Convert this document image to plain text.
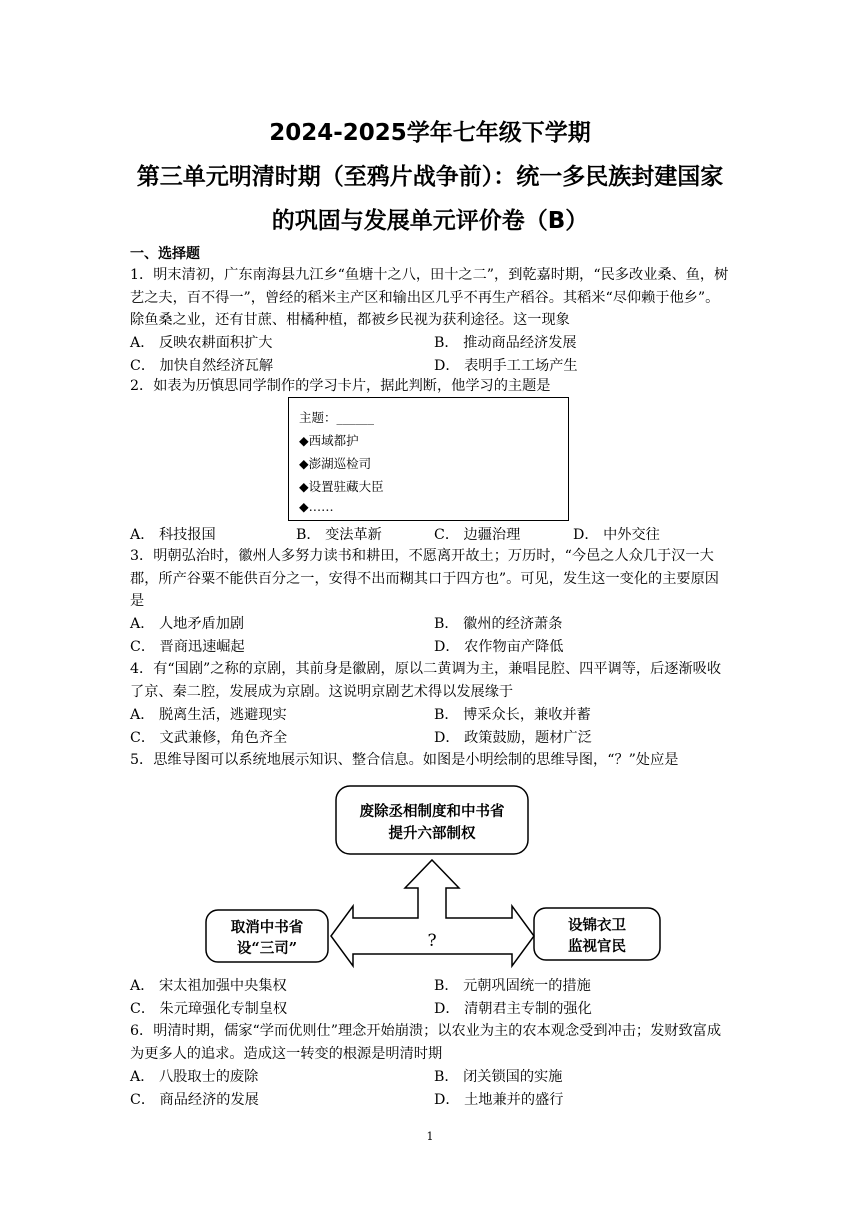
2024-2025学年七年级下学期
第三单元明清时期（至鸦片战争前）：统一多民族封建国家
的巩固与发展单元评价卷（B）
一、选择题
1．明末清初，广东南海县九江乡“鱼塘十之八，田十之二”，到乾嘉时期，“民多改业桑、鱼，树艺之夫，百不得一”，曾经的稻米主产区和输出区几乎不再生产稻谷。其稻米“尽仰赖于他乡”。除鱼桑之业，还有甘蔗、柑橘种植，都被乡民视为获利途径。这一现象
A． 反映农耕面积扩大	B． 推动商品经济发展
C． 加快自然经济瓦解	D． 表明手工工场产生
2．如表为历慎思同学制作的学习卡片，据此判断，他学习的主题是
主题：______
◆西域都护
◆澎湖巡检司
◆设置驻藏大臣
◆……
A． 科技报国	B． 变法革新	C． 边疆治理	D． 中外交往
3．明朝弘治时，徽州人多努力读书和耕田，不愿离开故土；万历时，“今邑之人众几于汉一大郡，所产谷粟不能供百分之一，安得不出而糊其口于四方也”。可见，发生这一变化的主要原因是
A． 人地矛盾加剧	B． 徽州的经济萧条
C． 晋商迅速崛起	D． 农作物亩产降低
4．有“国剧”之称的京剧，其前身是徽剧，原以二黄调为主，兼唱昆腔、四平调等，后逐渐吸收了京、秦二腔，发展成为京剧。这说明京剧艺术得以发展缘于
A． 脱离生活，逃避现实	B． 博采众长，兼收并蓄
C． 文武兼修，角色齐全	D． 政策鼓励，题材广泛
5．思维导图可以系统地展示知识、整合信息。如图是小明绘制的思维导图，“？”处应是
废除丞相制度和中书省
提升六部制权
取消中书省
设“三司”
设锦衣卫
监视官民
?
A． 宋太祖加强中央集权	B． 元朝巩固统一的措施
C． 朱元璋强化专制皇权	D． 清朝君主专制的强化
6．明清时期，儒家“学而优则仕”理念开始崩溃；以农业为主的农本观念受到冲击；发财致富成为更多人的追求。造成这一转变的根源是明清时期
A． 八股取士的废除	B． 闭关锁国的实施
C． 商品经济的发展	D． 土地兼并的盛行
1
